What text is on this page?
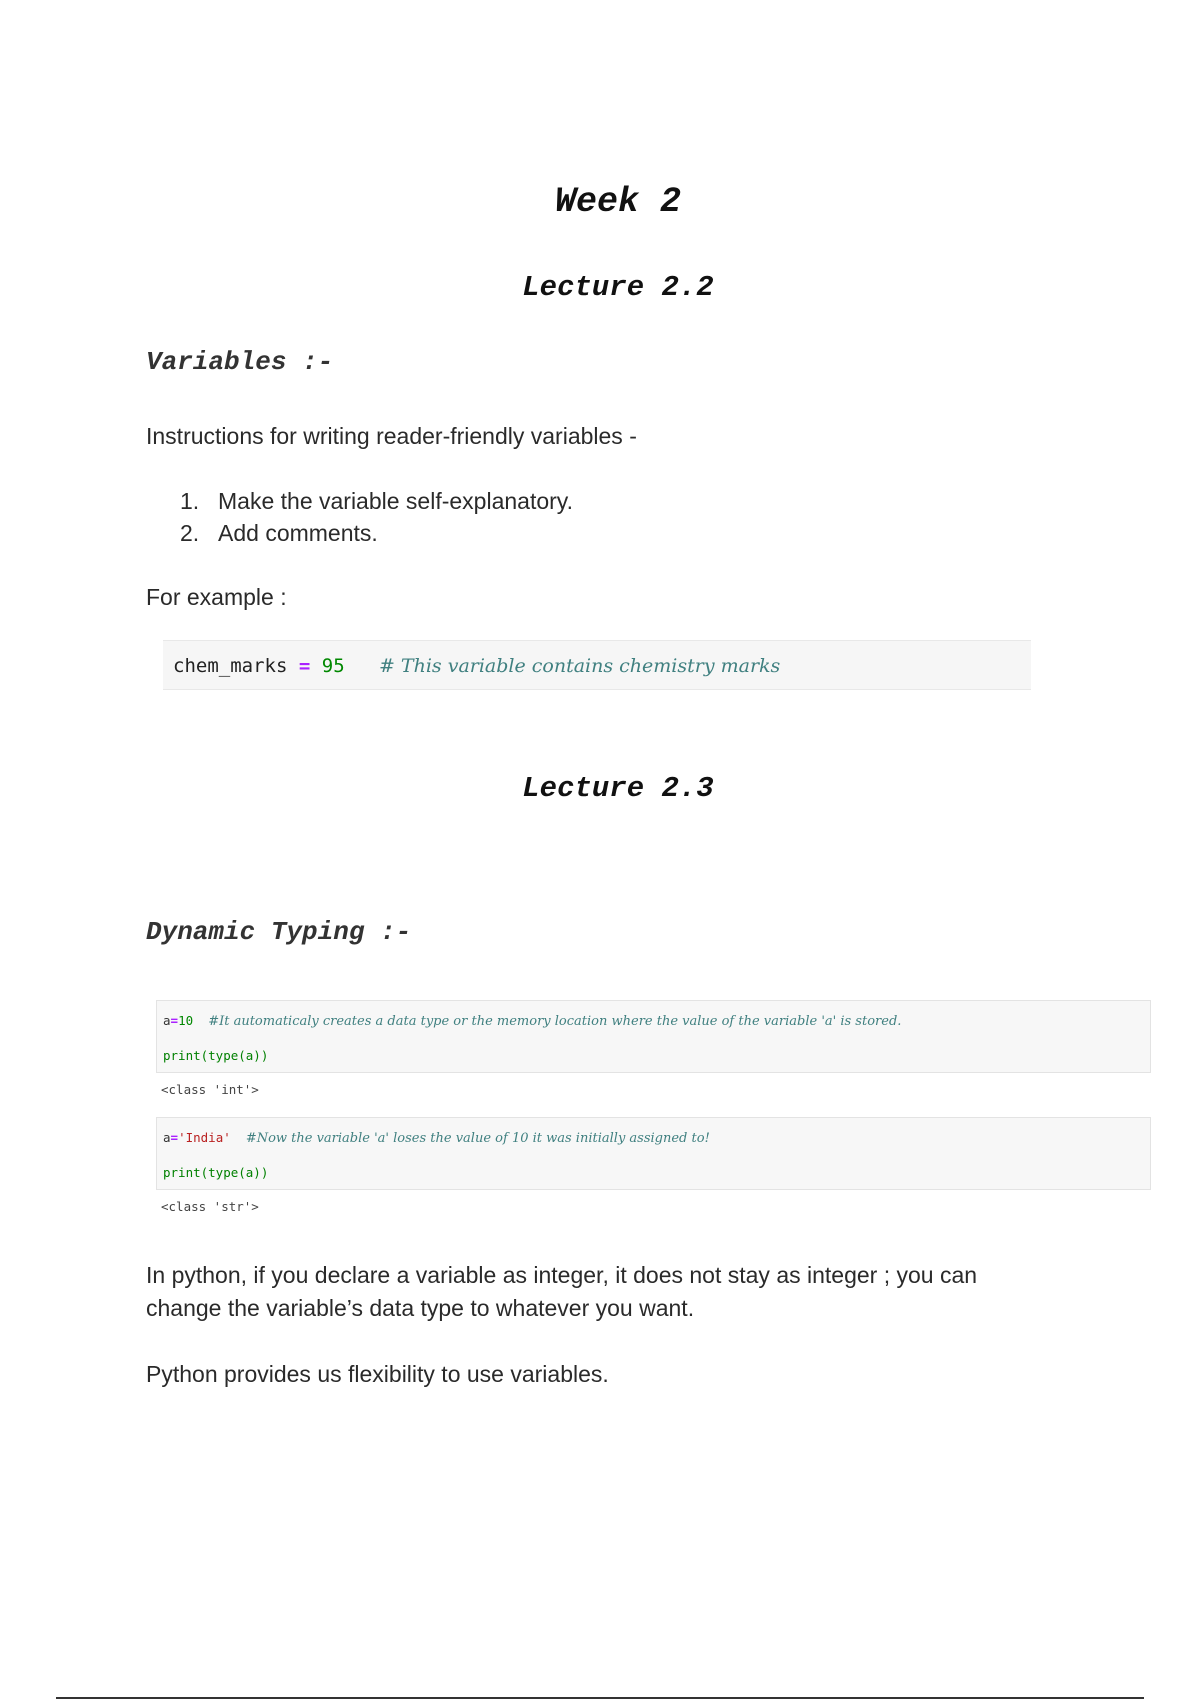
Week 2
Lecture 2.2
Variables :-

Instructions for writing reader-friendly variables -

1. Make the variable self-explanatory.
2. Add comments.

For example :

chem_marks = 95 # This variable contains chemistry marks
Lecture 2.3
Dynamic Typing :-
a=10 #It automaticaly creates a data type or the memory location where the value of the variable 'a' is stored.
print(type(a))
<class 'int'>
a='India' #Now the variable 'a' loses the value of 10 it was initially assigned to!
print(type(a))
<class 'str'>

In python, if you declare a variable as integer, it does not stay as integer ; you can change the variable’s data type to whatever you want.

Python provides us flexibility to use variables.
